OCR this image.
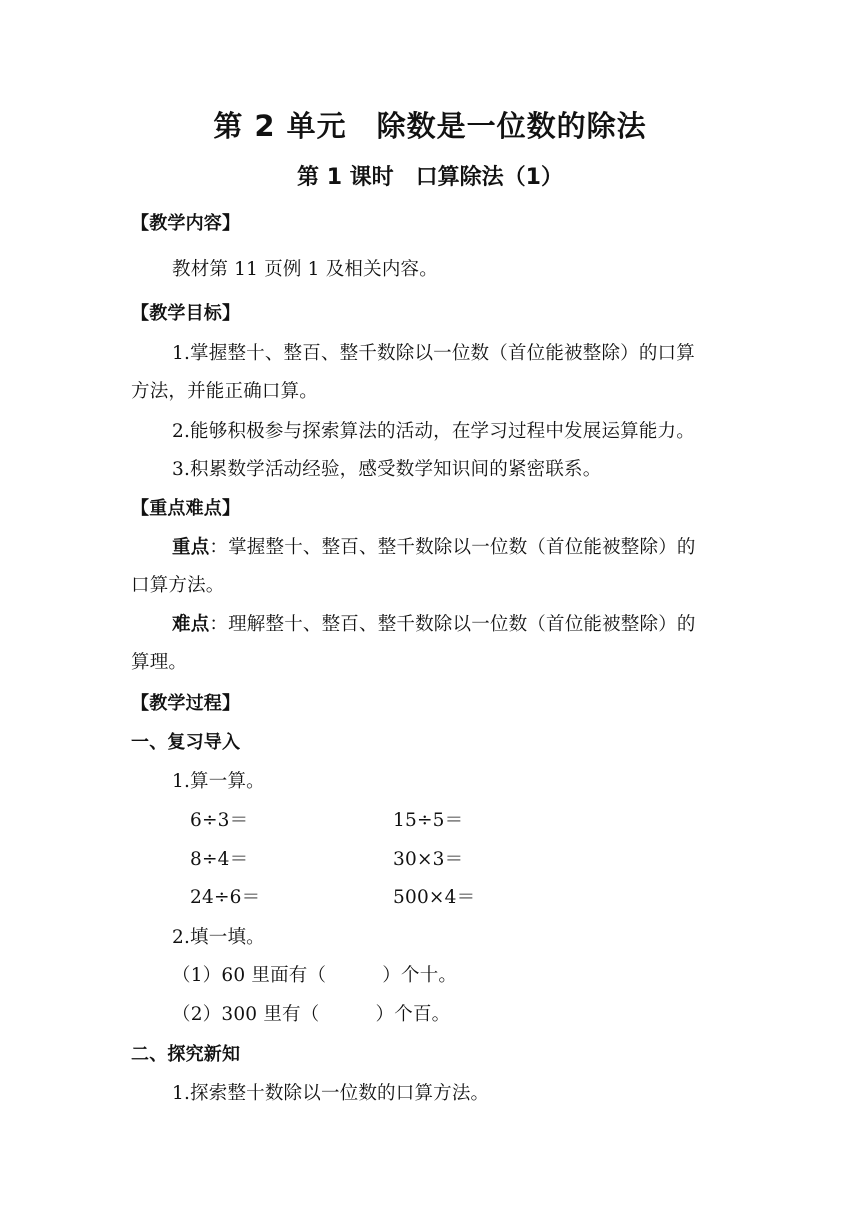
第 2 单元　除数是一位数的除法
第 1 课时　口算除法（1）
【教学内容】
教材第 11 页例 1 及相关内容。
【教学目标】
1.掌握整十、整百、整千数除以一位数（首位能被整除）的口算
方法，并能正确口算。
2.能够积极参与探索算法的活动，在学习过程中发展运算能力。
3.积累数学活动经验，感受数学知识间的紧密联系。
【重点难点】
重点：掌握整十、整百、整千数除以一位数（首位能被整除）的
口算方法。
难点：理解整十、整百、整千数除以一位数（首位能被整除）的
算理。
【教学过程】
一、复习导入
1.算一算。
6÷3＝	15÷5＝
8÷4＝	30×3＝
24÷6＝	500×4＝
2.填一填。
（1）60 里面有（　　　）个十。
（2）300 里有（　　　）个百。
二、探究新知
1.探索整十数除以一位数的口算方法。
